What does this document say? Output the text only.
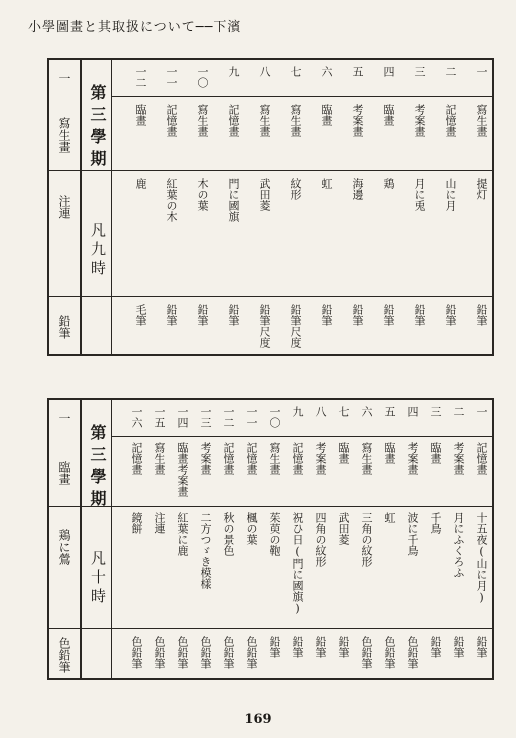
小學圖畫と其取扱について──下濱
一
寫生畫
注連
鉛筆
第三學期
凡九時
一
寫生畫
提灯
鉛筆
二
記憶畫
山に月
鉛筆
三
考案畫
月に兎
鉛筆
四
臨畫
鶏
鉛筆
五
考案畫
海邊
鉛筆
六
臨畫
虹
鉛筆
七
寫生畫
紋形
鉛筆尺度
八
寫生畫
武田菱
鉛筆尺度
九
記憶畫
門に國旗
鉛筆
一〇
寫生畫
木の葉
鉛筆
一一
記憶畫
紅葉の木
鉛筆
一二
臨畫
鹿
毛筆
一
臨畫
鶏に鶯
色鉛筆
第三學期
凡十時
一
記憶畫
十五夜(山に月)
鉛筆
二
考案畫
月にふくろふ
鉛筆
三
臨畫
千鳥
鉛筆
四
考案畫
波に千鳥
色鉛筆
五
臨畫
虹
色鉛筆
六
寫生畫
三角の紋形
色鉛筆
七
臨畫
武田菱
鉛筆
八
考案畫
四角の紋形
鉛筆
九
記憶畫
祝ひ日(門に國旗)
鉛筆
一〇
寫生畫
茱萸の鞄
鉛筆
一一
記憶畫
楓の葉
色鉛筆
一二
記憶畫
秋の景色
色鉛筆
一三
考案畫
二方つゞき模樣
色鉛筆
一四
臨畫考案畫
紅葉に鹿
色鉛筆
一五
寫生畫
注連
色鉛筆
一六
記憶畫
鏡餅
色鉛筆
169
